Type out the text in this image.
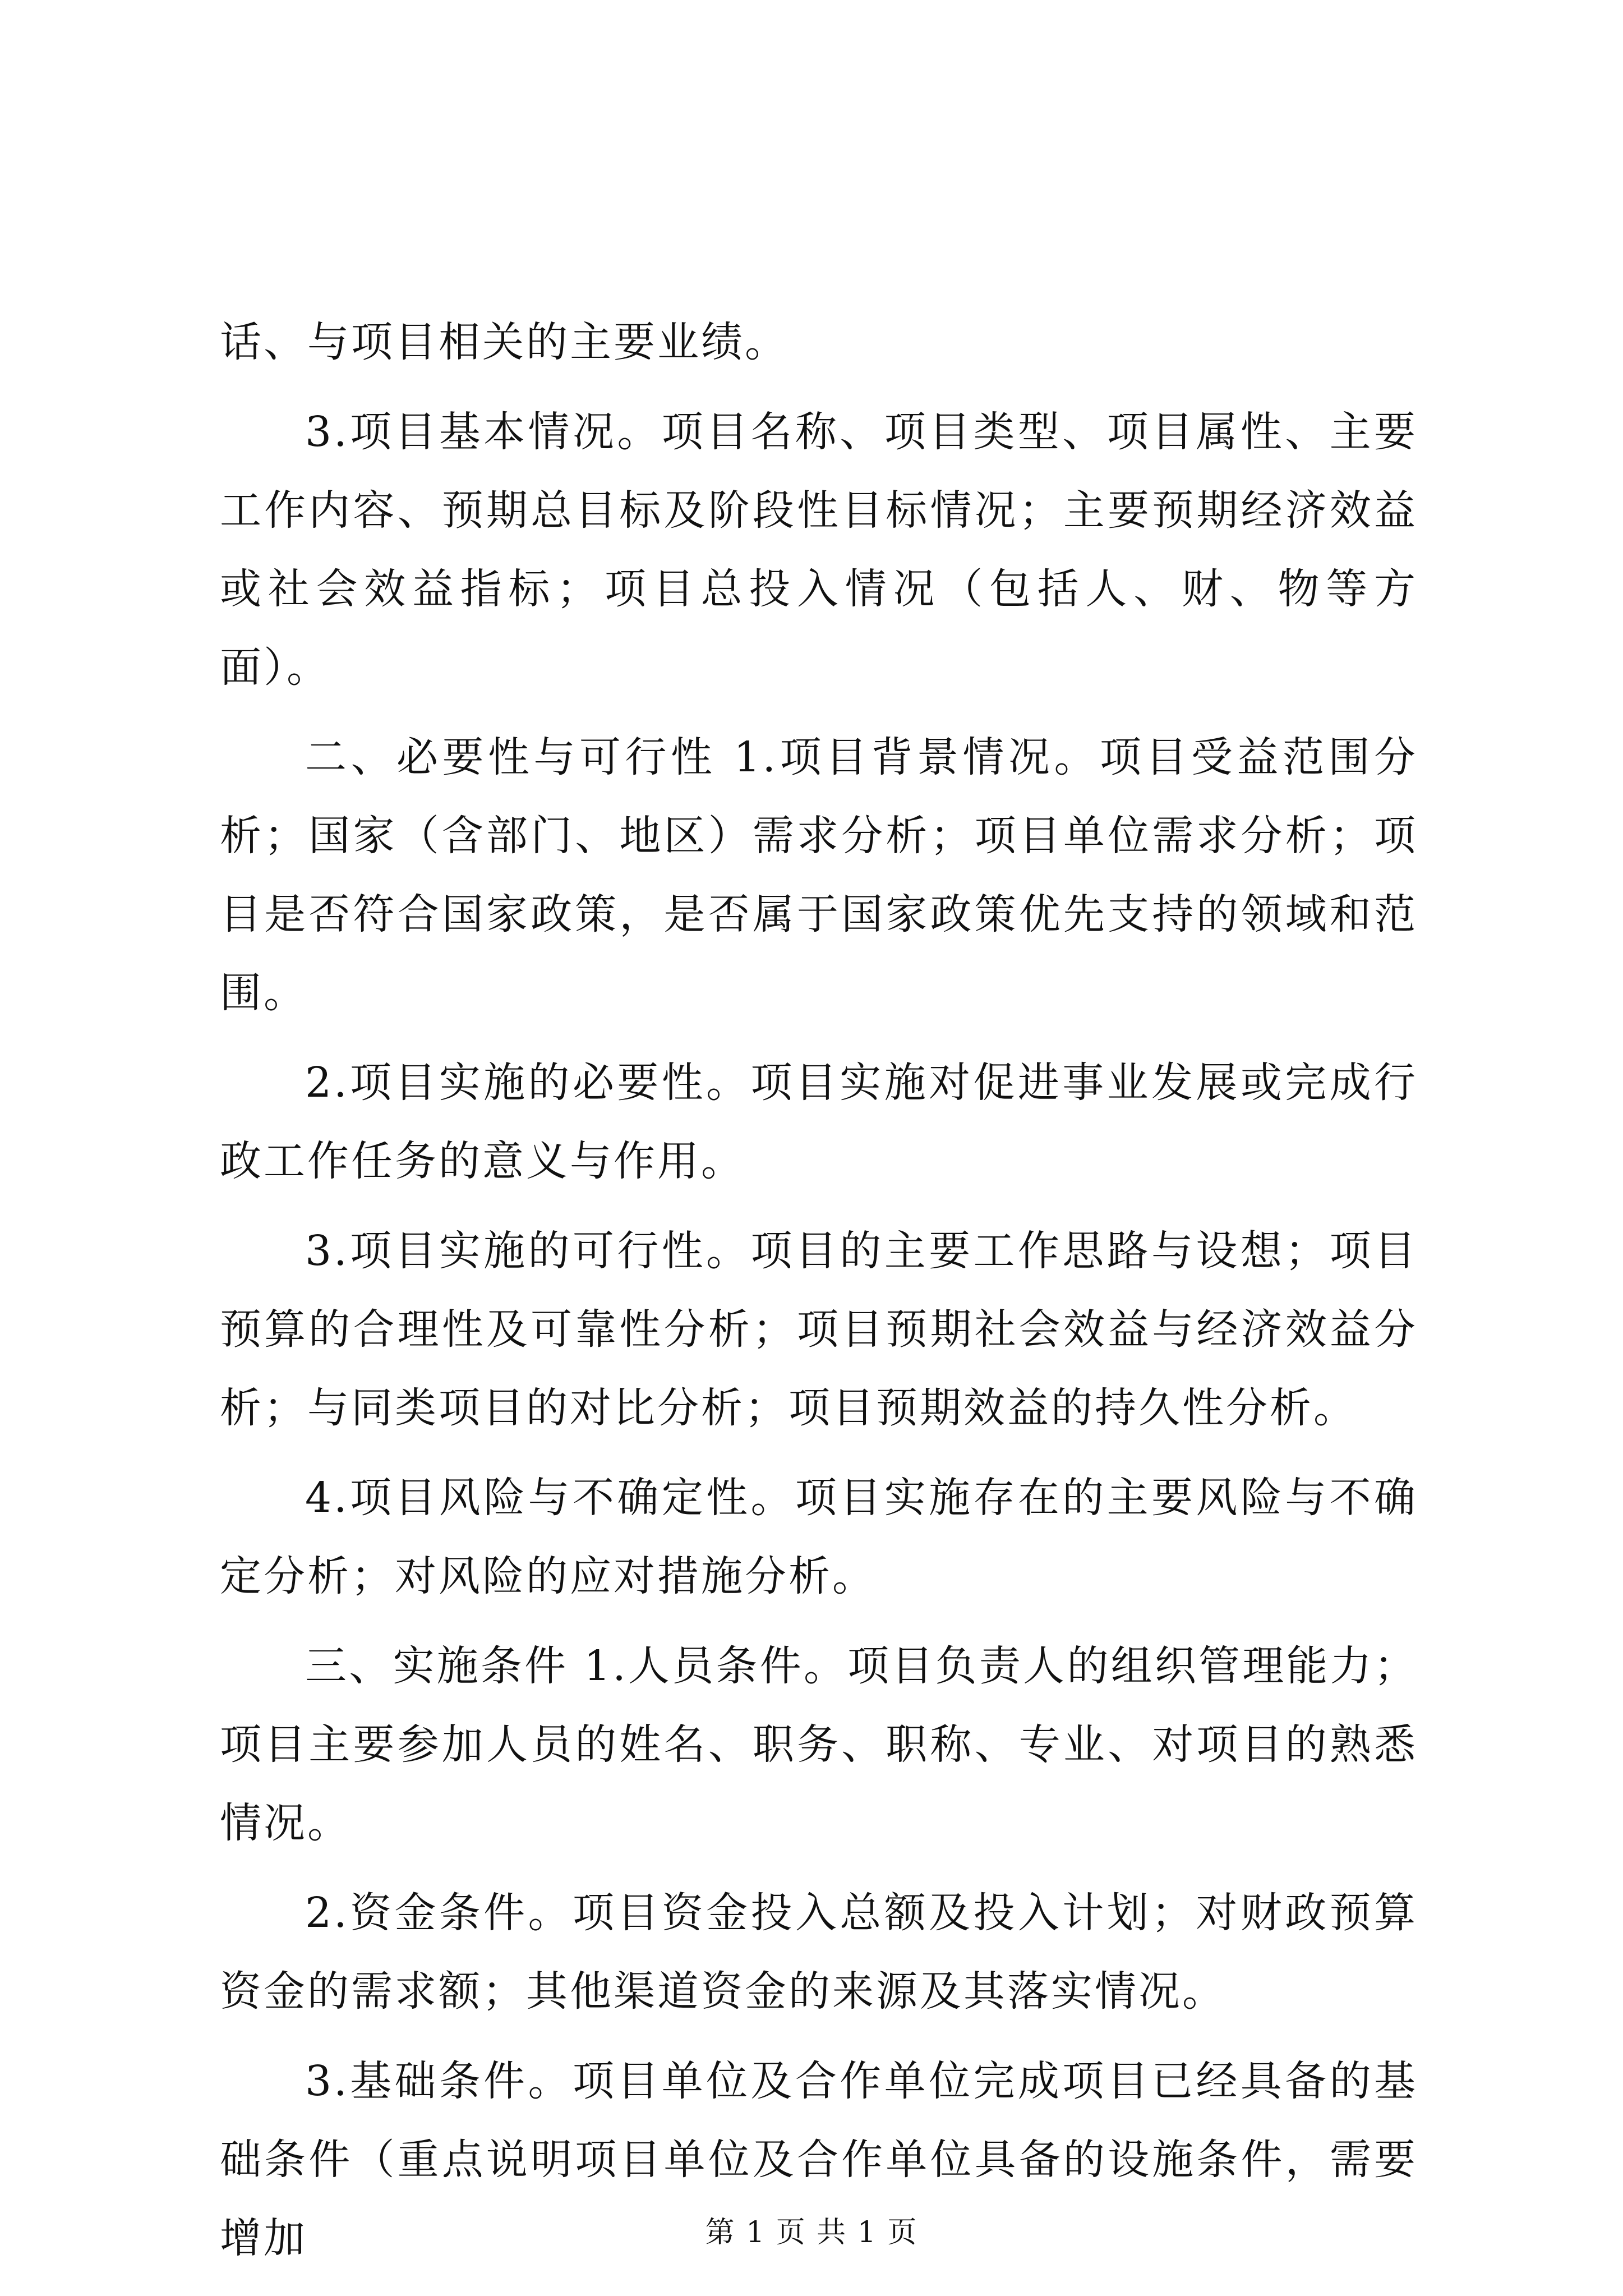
话、与项目相关的主要业绩。

3.项目基本情况。项目名称、项目类型、项目属性、主要工作内容、预期总目标及阶段性目标情况；主要预期经济效益或社会效益指标；项目总投入情况（包括人、财、物等方面）。

二、必要性与可行性 1.项目背景情况。项目受益范围分析；国家（含部门、地区）需求分析；项目单位需求分析；项目是否符合国家政策，是否属于国家政策优先支持的领域和范围。

2.项目实施的必要性。项目实施对促进事业发展或完成行政工作任务的意义与作用。

3.项目实施的可行性。项目的主要工作思路与设想；项目预算的合理性及可靠性分析；项目预期社会效益与经济效益分析；与同类项目的对比分析；项目预期效益的持久性分析。

4.项目风险与不确定性。项目实施存在的主要风险与不确定分析；对风险的应对措施分析。

三、实施条件 1.人员条件。项目负责人的组织管理能力；项目主要参加人员的姓名、职务、职称、专业、对项目的熟悉情况。

2.资金条件。项目资金投入总额及投入计划；对财政预算资金的需求额；其他渠道资金的来源及其落实情况。

3.基础条件。项目单位及合作单位完成项目已经具备的基础条件（重点说明项目单位及合作单位具备的设施条件，需要增加	第 1 页 共 1 页
